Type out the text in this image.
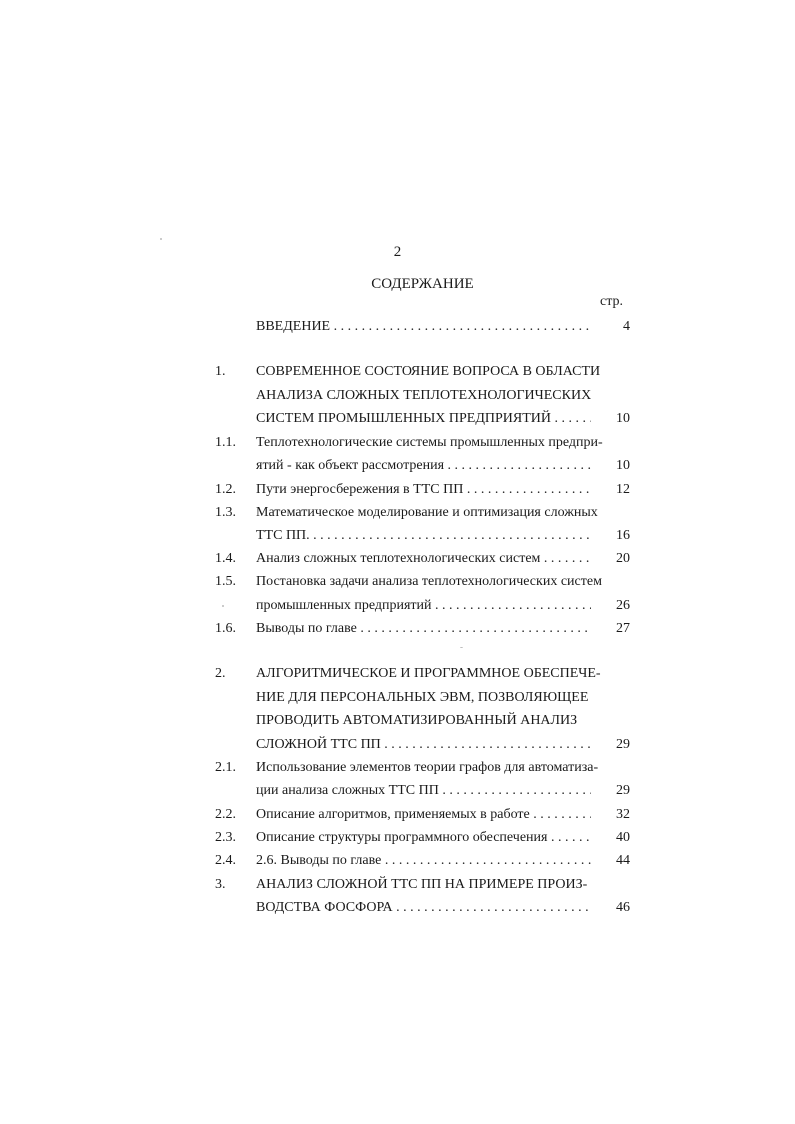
2
СОДЕРЖАНИЕ
стр.
ВВЕДЕНИЕ . . .	4
1. СОВРЕМЕННОЕ СОСТОЯНИЕ ВОПРОСА В ОБЛАСТИ
АНАЛИЗА СЛОЖНЫХ ТЕПЛОТЕХНОЛОГИЧЕСКИХ
СИСТЕМ ПРОМЫШЛЕННЫХ ПРЕДПРИЯТИЙ . . .	10
1.1. Теплотехнологические системы промышленных предпри-
ятий - как объект рассмотрения . . .	10
1.2. Пути энергосбережения в ТТС ПП . . .	12
1.3. Математическое моделирование и оптимизация сложных
ТТС ПП. . . .	16
1.4. Анализ сложных теплотехнологических систем . . .	20
1.5. Постановка задачи анализа теплотехнологических систем
промышленных предприятий . . .	26
1.6. Выводы по главе . . .	27
2. АЛГОРИТМИЧЕСКОЕ И ПРОГРАММНОЕ ОБЕСПЕЧЕ-
НИЕ ДЛЯ ПЕРСОНАЛЬНЫХ ЭВМ, ПОЗВОЛЯЮЩЕЕ
ПРОВОДИТЬ АВТОМАТИЗИРОВАННЫЙ АНАЛИЗ
СЛОЖНОЙ ТТС ПП . . .	29
2.1. Использование элементов теории графов для автоматиза-
ции анализа сложных ТТС ПП . . .	29
2.2. Описание алгоритмов, применяемых в работе . . .	32
2.3. Описание структуры программного обеспечения . . .	40
2.4. 2.6. Выводы по главе . . .	44
3. АНАЛИЗ СЛОЖНОЙ ТТС ПП НА ПРИМЕРЕ ПРОИЗ-
ВОДСТВА ФОСФОРА . . .	46
